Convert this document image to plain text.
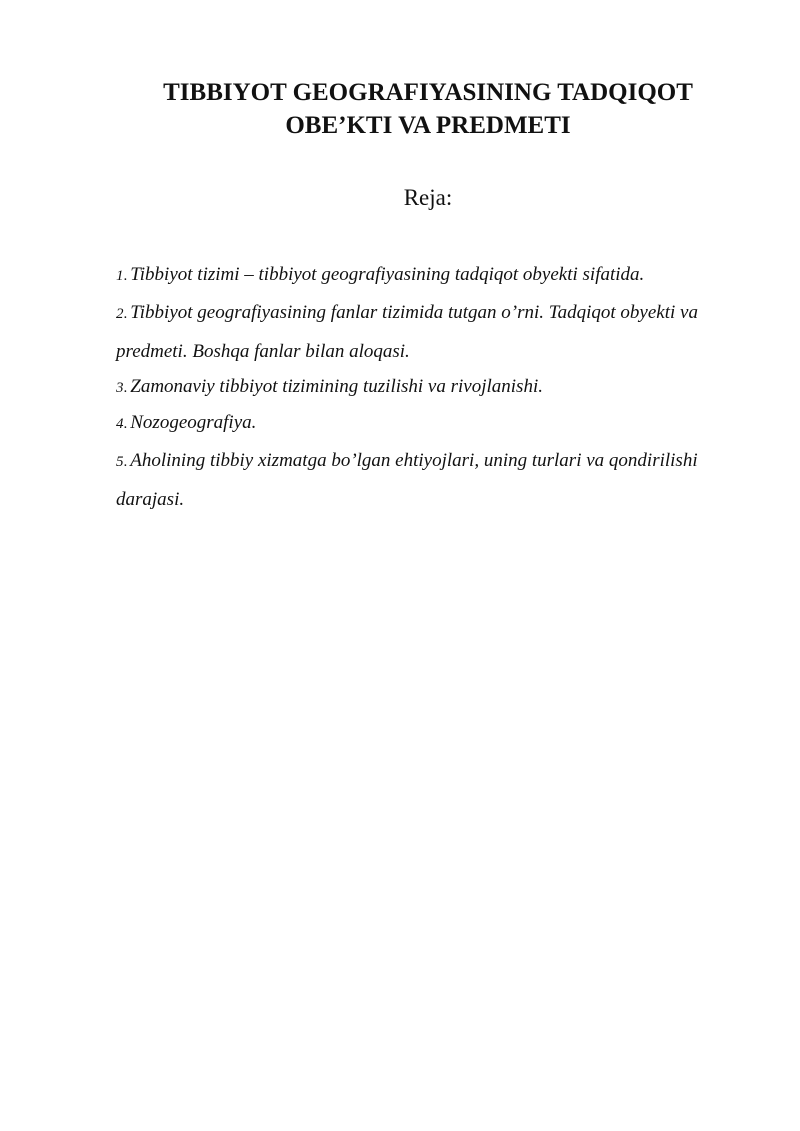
TIBBIYOT GEOGRAFIYASINING TADQIQOT
OBE’KTI VA PREDMETI
Reja:
1. Tibbiyot tizimi – tibbiyot geografiyasining tadqiqot obyekti sifatida.
2. Tibbiyot geografiyasining fanlar tizimida tutgan o’rni. Tadqiqot obyekti va predmeti. Boshqa fanlar bilan aloqasi.
3. Zamonaviy tibbiyot tizimining tuzilishi va rivojlanishi.
4. Nozogeografiya.
5. Aholining tibbiy xizmatga bo’lgan ehtiyojlari, uning turlari va qondirilishi darajasi.
